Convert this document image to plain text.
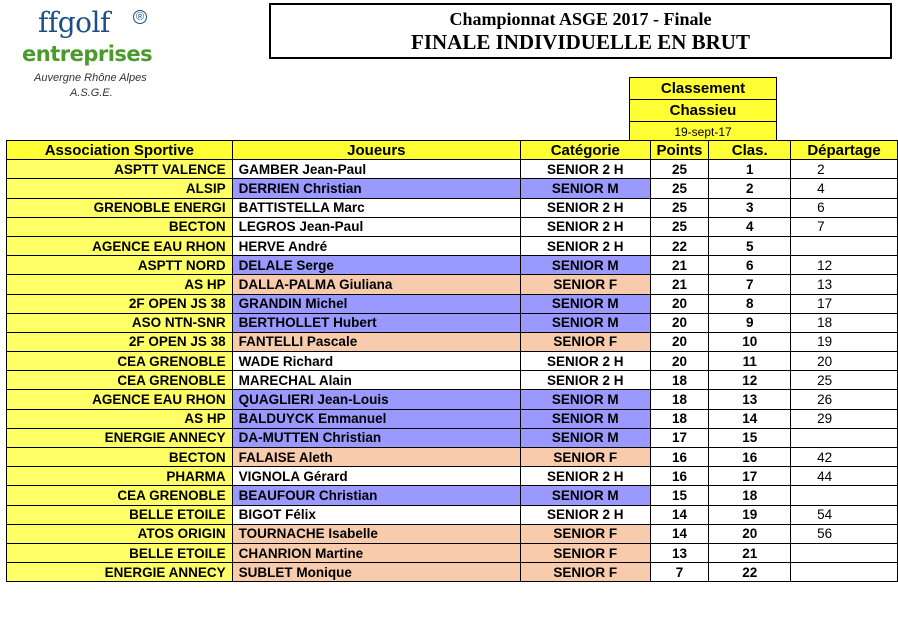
ffgolf ®
entreprises
Auvergne Rhône Alpes
A.S.G.E.
Championnat ASGE 2017 - Finale
FINALE INDIVIDUELLE EN BRUT
Classement
Chassieu
19-sept-17
Association Sportive	Joueurs	Catégorie	Points	Clas.	Départage
ASPTT VALENCE	GAMBER Jean-Paul	SENIOR 2 H	25	1	2
ALSIP	DERRIEN Christian	SENIOR M	25	2	4
GRENOBLE ENERGI	BATTISTELLA Marc	SENIOR 2 H	25	3	6
BECTON	LEGROS Jean-Paul	SENIOR 2 H	25	4	7
AGENCE EAU RHON	HERVE André	SENIOR 2 H	22	5	
ASPTT NORD	DELALE Serge	SENIOR M	21	6	12
AS HP	DALLA-PALMA Giuliana	SENIOR F	21	7	13
2F OPEN JS 38	GRANDIN Michel	SENIOR M	20	8	17
ASO NTN-SNR	BERTHOLLET Hubert	SENIOR M	20	9	18
2F OPEN JS 38	FANTELLI Pascale	SENIOR F	20	10	19
CEA GRENOBLE	WADE Richard	SENIOR 2 H	20	11	20
CEA GRENOBLE	MARECHAL Alain	SENIOR 2 H	18	12	25
AGENCE EAU RHON	QUAGLIERI Jean-Louis	SENIOR M	18	13	26
AS HP	BALDUYCK Emmanuel	SENIOR M	18	14	29
ENERGIE ANNECY	DA-MUTTEN Christian	SENIOR M	17	15	
BECTON	FALAISE Aleth	SENIOR F	16	16	42
PHARMA	VIGNOLA Gérard	SENIOR 2 H	16	17	44
CEA GRENOBLE	BEAUFOUR Christian	SENIOR M	15	18	
BELLE ETOILE	BIGOT Félix	SENIOR 2 H	14	19	54
ATOS ORIGIN	TOURNACHE Isabelle	SENIOR F	14	20	56
BELLE ETOILE	CHANRION Martine	SENIOR F	13	21	
ENERGIE ANNECY	SUBLET Monique	SENIOR F	7	22	
